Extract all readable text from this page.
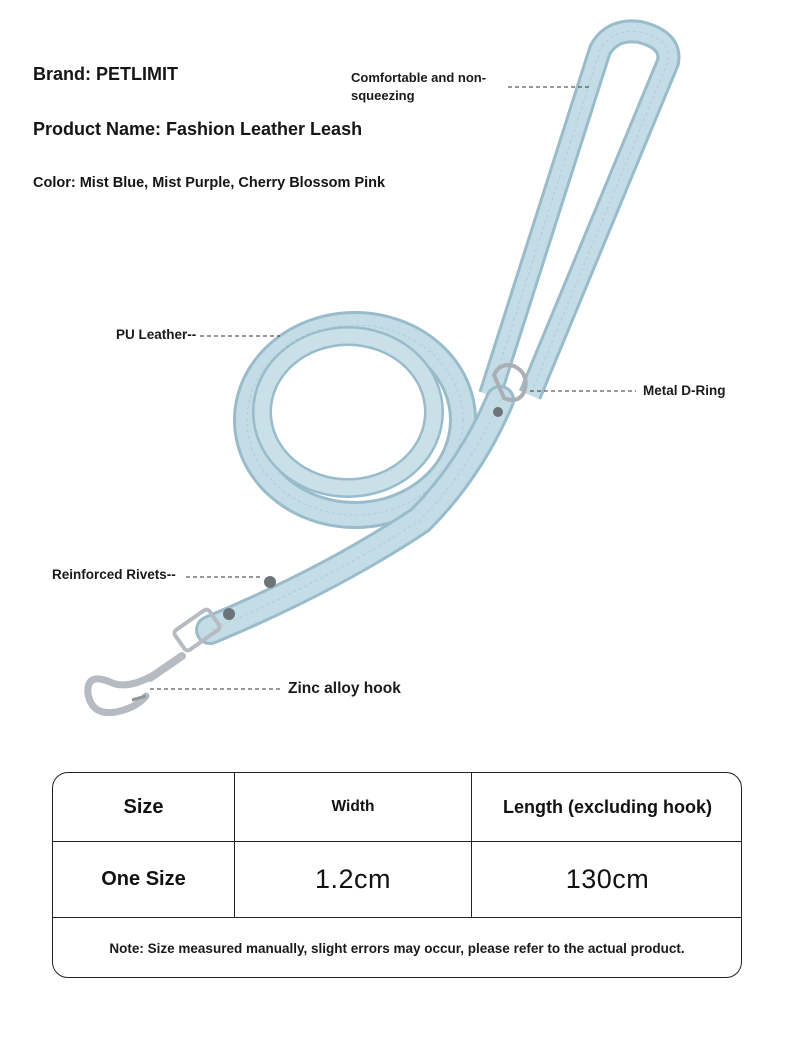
Brand: PETLIMIT
Product Name: Fashion Leather Leash
Color: Mist Blue, Mist Purple, Cherry Blossom Pink
Comfortable and non-squeezing
PU Leather--
Metal D-Ring
Reinforced Rivets--
Zinc alloy hook
Size	Width	Length (excluding hook)
One Size	1.2cm	130cm
Note: Size measured manually, slight errors may occur, please refer to the actual product.
